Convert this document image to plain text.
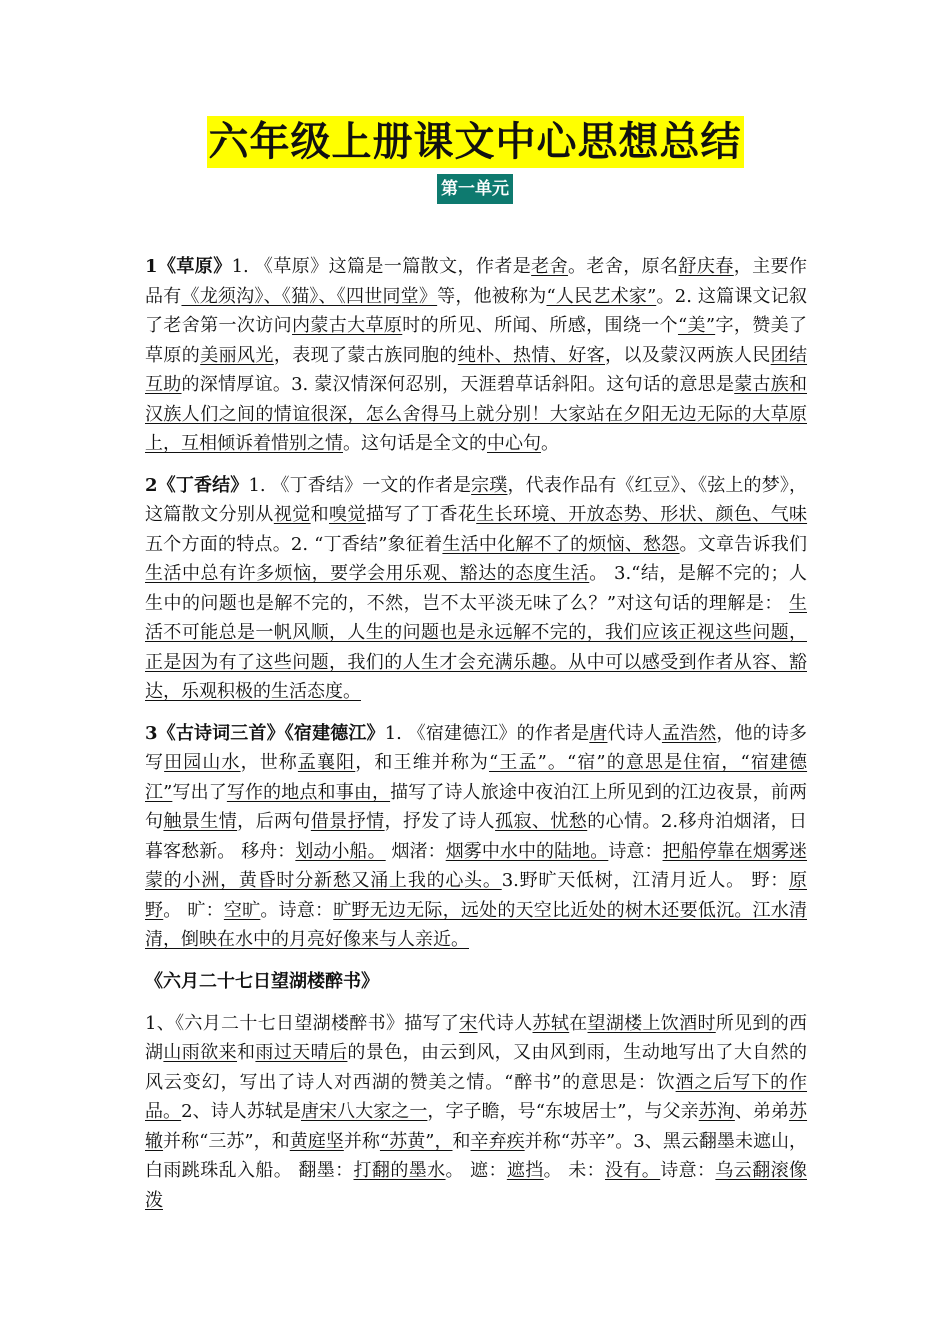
六年级上册课文中心思想总结
第一单元

1《草原》1. 《草原》这篇是一篇散文，作者是老舍。老舍，原名舒庆春，主要作品有《龙须沟》、《猫》、《四世同堂》等，他被称为“人民艺术家”。2. 这篇课文记叙了老舍第一次访问内蒙古大草原时的所见、所闻、所感，围绕一个“美”字，赞美了草原的美丽风光，表现了蒙古族同胞的纯朴、热情、好客，以及蒙汉两族人民团结互助的深情厚谊。3. 蒙汉情深何忍别，天涯碧草话斜阳。这句话的意思是蒙古族和汉族人们之间的情谊很深，怎么舍得马上就分别！大家站在夕阳无边无际的大草原上，互相倾诉着惜别之情。这句话是全文的中心句。

2《丁香结》1. 《丁香结》一文的作者是宗璞，代表作品有《红豆》、《弦上的梦》，这篇散文分别从视觉和嗅觉描写了丁香花生长环境、开放态势、形状、颜色、气味五个方面的特点。2. “丁香结”象征着生活中化解不了的烦恼、愁怨。文章告诉我们生活中总有许多烦恼，要学会用乐观、豁达的态度生活。 3.“结，是解不完的；人生中的问题也是解不完的，不然，岂不太平淡无味了么？”对这句话的理解是： 生活不可能总是一帆风顺，人生的问题也是永远解不完的，我们应该正视这些问题，正是因为有了这些问题，我们的人生才会充满乐趣。从中可以感受到作者从容、豁达，乐观积极的生活态度。

3《古诗词三首》《宿建德江》1. 《宿建德江》的作者是唐代诗人孟浩然，他的诗多写田园山水，世称孟襄阳，和王维并称为“王孟”。“宿”的意思是住宿，“宿建德江”写出了写作的地点和事由，描写了诗人旅途中夜泊江上所见到的江边夜景，前两句触景生情，后两句借景抒情，抒发了诗人孤寂、忧愁的心情。2.移舟泊烟渚，日暮客愁新。 移舟：划动小船。 烟渚：烟雾中水中的陆地。诗意：把船停靠在烟雾迷蒙的小洲，黄昏时分新愁又涌上我的心头。3.野旷天低树，江清月近人。 野：原野。 旷：空旷。诗意：旷野无边无际，远处的天空比近处的树木还要低沉。江水清清，倒映在水中的月亮好像来与人亲近。

《六月二十七日望湖楼醉书》

1、《六月二十七日望湖楼醉书》描写了宋代诗人苏轼在望湖楼上饮酒时所见到的西湖山雨欲来和雨过天晴后的景色，由云到风，又由风到雨，生动地写出了大自然的风云变幻，写出了诗人对西湖的赞美之情。“醉书”的意思是：饮酒之后写下的作品。2、诗人苏轼是唐宋八大家之一，字子瞻，号“东坡居士”，与父亲苏洵、弟弟苏辙并称“三苏”，和黄庭坚并称“苏黄”，和辛弃疾并称“苏辛”。3、黑云翻墨未遮山，白雨跳珠乱入船。 翻墨：打翻的墨水。 遮：遮挡。 未：没有。诗意：乌云翻滚像泼
